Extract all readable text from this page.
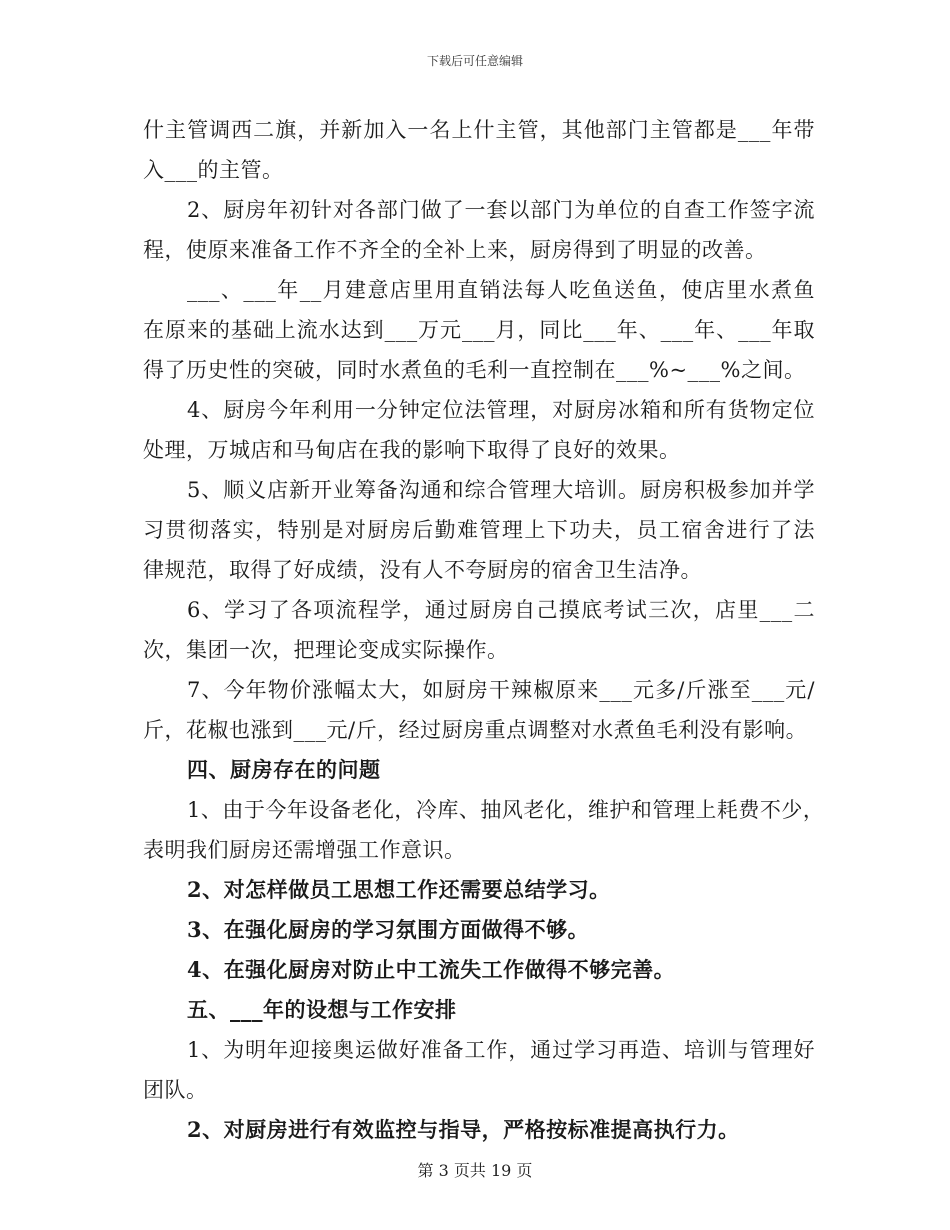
下载后可任意编辑
什主管调西二旗，并新加入一名上什主管，其他部门主管都是___年带
入___的主管。
2、厨房年初针对各部门做了一套以部门为单位的自查工作签字流
程，使原来准备工作不齐全的全补上来，厨房得到了明显的改善。
___、___年__月建意店里用直销法每人吃鱼送鱼，使店里水煮鱼
在原来的基础上流水达到___万元___月，同比___年、___年、___年取
得了历史性的突破，同时水煮鱼的毛利一直控制在___%~___%之间。
4、厨房今年利用一分钟定位法管理，对厨房冰箱和所有货物定位
处理，万城店和马甸店在我的影响下取得了良好的效果。
5、顺义店新开业筹备沟通和综合管理大培训。厨房积极参加并学
习贯彻落实，特别是对厨房后勤难管理上下功夫，员工宿舍进行了法
律规范，取得了好成绩，没有人不夸厨房的宿舍卫生洁净。
6、学习了各项流程学，通过厨房自己摸底考试三次，店里___二
次，集团一次，把理论变成实际操作。
7、今年物价涨幅太大，如厨房干辣椒原来___元多/斤涨至___元/
斤，花椒也涨到___元/斤，经过厨房重点调整对水煮鱼毛利没有影响。
四、厨房存在的问题
1、由于今年设备老化，冷库、抽风老化，维护和管理上耗费不少，
表明我们厨房还需增强工作意识。
2、对怎样做员工思想工作还需要总结学习。
3、在强化厨房的学习氛围方面做得不够。
4、在强化厨房对防止中工流失工作做得不够完善。
五、___年的设想与工作安排
1、为明年迎接奥运做好准备工作，通过学习再造、培训与管理好
团队。
2、对厨房进行有效监控与指导，严格按标准提高执行力。
第 3 页共 19 页
